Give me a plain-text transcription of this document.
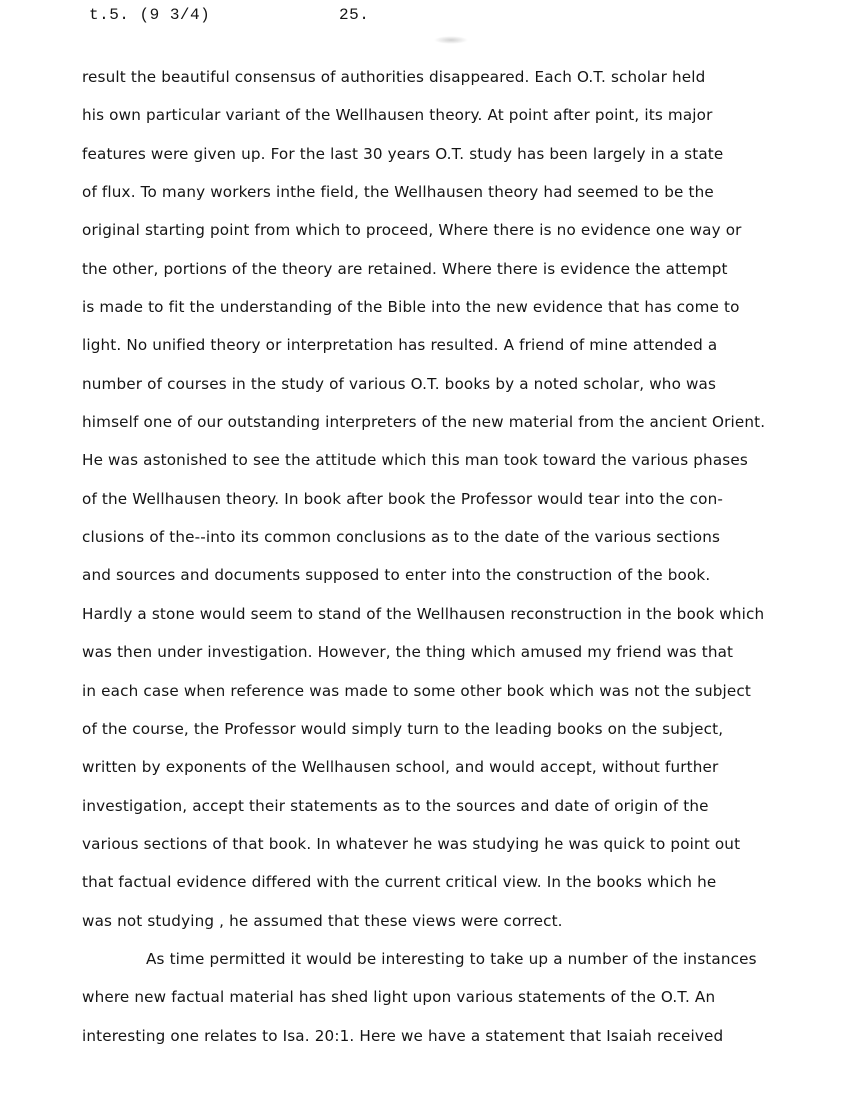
t.5. (9 3/4)	25.
result the beautiful consensus of authorities disappeared. Each O.T. scholar held
his own particular variant of the Wellhausen theory. At point after point, its major
features were given up. For the last 30 years O.T. study has been largely in a state
of flux. To many workers inthe field, the Wellhausen theory had seemed to be the
original starting point from which to proceed, Where there is no evidence one way or
the other, portions of the theory are retained. Where there is evidence the attempt
is made to fit the understanding of the Bible into the new evidence that has come to
light. No unified theory or interpretation has resulted. A friend of mine attended a
number of courses in the study of various O.T. books by a noted scholar, who was
himself one of our outstanding interpreters of the new material from the ancient Orient.
He was astonished to see the attitude which this man took toward the various phases
of the Wellhausen theory. In book after book the Professor would tear into the con-
clusions of the--into its common conclusions as to the date of the various sections
and sources and documents supposed to enter into the construction of the book.
Hardly a stone would seem to stand of the Wellhausen reconstruction in the book which
was then under investigation. However, the thing which amused my friend was that
in each case when reference was made to some other book which was not the subject
of the course, the Professor would simply turn to the leading books on the subject,
written by exponents of the Wellhausen school, and would accept, without further
investigation, accept their statements as to the sources and date of origin of the
various sections of that book. In whatever he was studying he was quick to point out
that factual evidence differed with the current critical view. In the books which he
was not studying , he assumed that these views were correct.
As time permitted it would be interesting to take up a number of the instances
where new factual material has shed light upon various statements of the O.T. An
interesting one relates to Isa. 20:1. Here we have a statement that Isaiah received
